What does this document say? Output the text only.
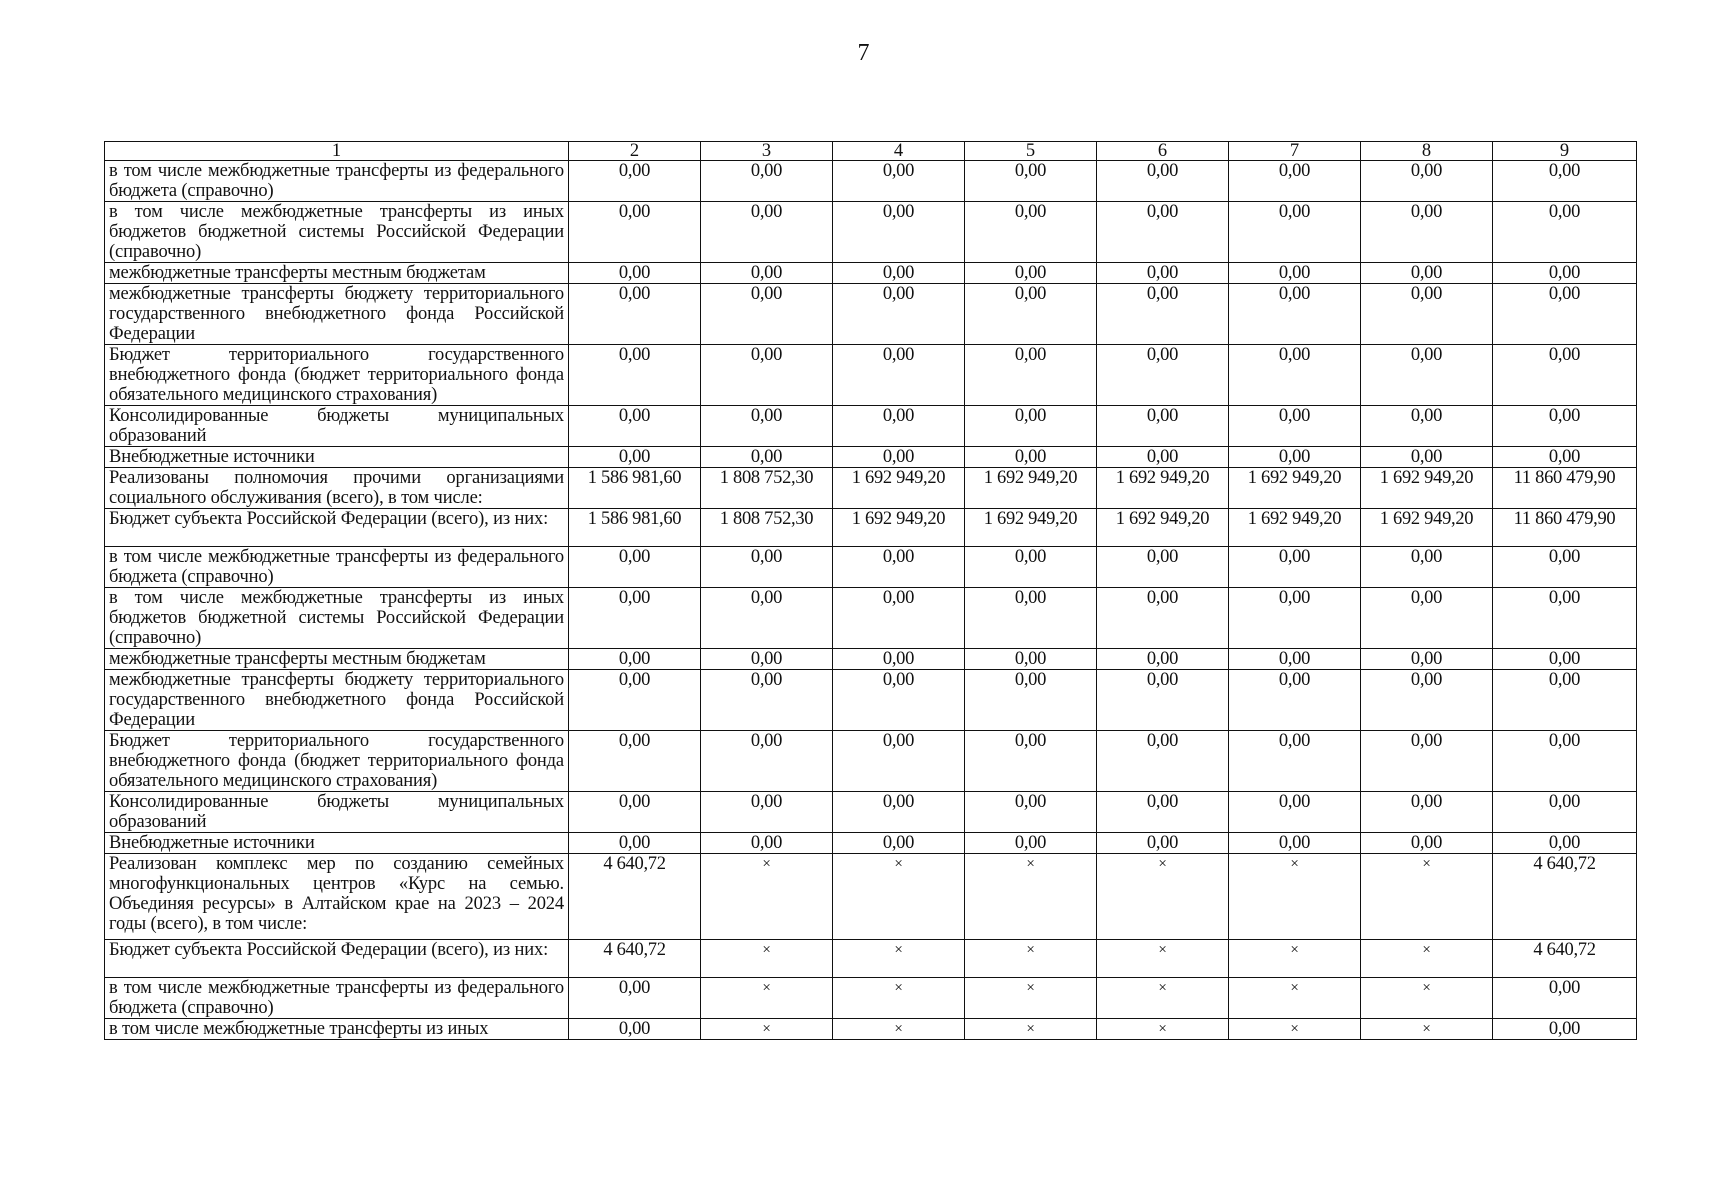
7
1	2	3	4	5	6	7	8	9
в том числе межбюджетные трансферты из федерального бюджета (справочно)	0,00	0,00	0,00	0,00	0,00	0,00	0,00	0,00
в том числе межбюджетные трансферты из иных бюджетов бюджетной системы Российской Федерации (справочно)	0,00	0,00	0,00	0,00	0,00	0,00	0,00	0,00
межбюджетные трансферты местным бюджетам	0,00	0,00	0,00	0,00	0,00	0,00	0,00	0,00
межбюджетные трансферты бюджету территориального государственного внебюджетного фонда Российской Федерации	0,00	0,00	0,00	0,00	0,00	0,00	0,00	0,00
Бюджет территориального государственного внебюджетного фонда (бюджет территориального фонда обязательного медицинского страхования)	0,00	0,00	0,00	0,00	0,00	0,00	0,00	0,00
Консолидированные бюджеты муниципальных образований	0,00	0,00	0,00	0,00	0,00	0,00	0,00	0,00
Внебюджетные источники	0,00	0,00	0,00	0,00	0,00	0,00	0,00	0,00
Реализованы полномочия прочими организациями социального обслуживания (всего), в том числе:	1 586 981,60	1 808 752,30	1 692 949,20	1 692 949,20	1 692 949,20	1 692 949,20	1 692 949,20	11 860 479,90
Бюджет субъекта Российской Федерации (всего), из них:	1 586 981,60	1 808 752,30	1 692 949,20	1 692 949,20	1 692 949,20	1 692 949,20	1 692 949,20	11 860 479,90
в том числе межбюджетные трансферты из федерального бюджета (справочно)	0,00	0,00	0,00	0,00	0,00	0,00	0,00	0,00
в том числе межбюджетные трансферты из иных бюджетов бюджетной системы Российской Федерации (справочно)	0,00	0,00	0,00	0,00	0,00	0,00	0,00	0,00
межбюджетные трансферты местным бюджетам	0,00	0,00	0,00	0,00	0,00	0,00	0,00	0,00
межбюджетные трансферты бюджету территориального государственного внебюджетного фонда Российской Федерации	0,00	0,00	0,00	0,00	0,00	0,00	0,00	0,00
Бюджет территориального государственного внебюджетного фонда (бюджет территориального фонда обязательного медицинского страхования)	0,00	0,00	0,00	0,00	0,00	0,00	0,00	0,00
Консолидированные бюджеты муниципальных образований	0,00	0,00	0,00	0,00	0,00	0,00	0,00	0,00
Внебюджетные источники	0,00	0,00	0,00	0,00	0,00	0,00	0,00	0,00
Реализован комплекс мер по созданию семейных многофункциональных центров «Курс на семью. Объединяя ресурсы» в Алтайском крае на 2023 – 2024 годы (всего), в том числе:	4 640,72	×	×	×	×	×	×	4 640,72
Бюджет субъекта Российской Федерации (всего), из них:	4 640,72	×	×	×	×	×	×	4 640,72
в том числе межбюджетные трансферты из федерального бюджета (справочно)	0,00	×	×	×	×	×	×	0,00
в том числе межбюджетные трансферты из иных	0,00	×	×	×	×	×	×	0,00
